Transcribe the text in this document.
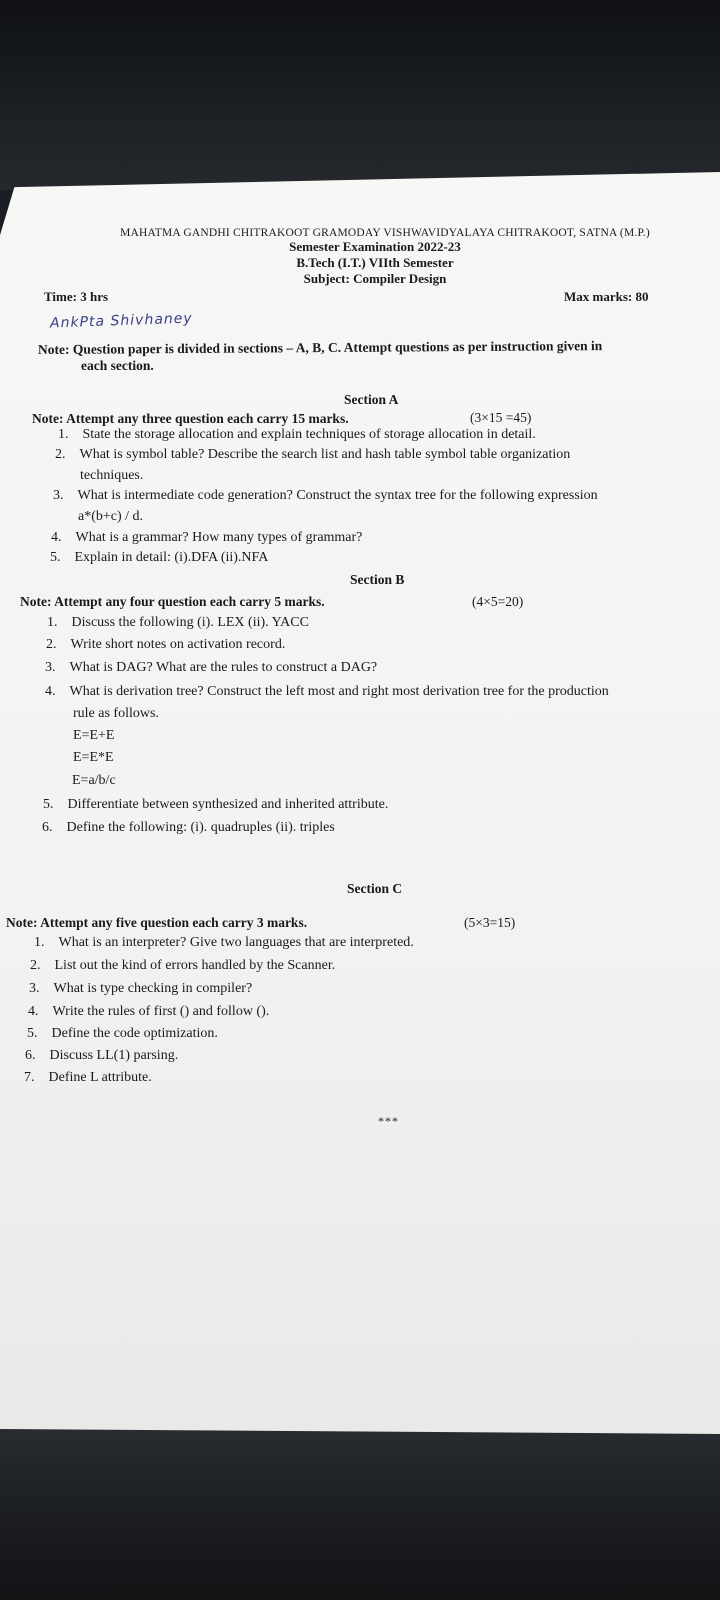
MAHATMA GANDHI CHITRAKOOT GRAMODAY VISHWAVIDYALAYA CHITRAKOOT, SATNA (M.P.)
Semester Examination 2022-23
B.Tech (I.T.) VIIth Semester
Subject: Compiler Design
Time: 3 hrs	Max marks: 80
AnkPta Shivhaney
Note: Question paper is divided in sections – A, B, C. Attempt questions as per instruction given in
each section.
Section A
Note: Attempt any three question each carry 15 marks.	(3×15 =45)
1. State the storage allocation and explain techniques of storage allocation in detail.
2. What is symbol table? Describe the search list and hash table symbol table organization
techniques.
3. What is intermediate code generation? Construct the syntax tree for the following expression
a*(b+c) / d.
4. What is a grammar? How many types of grammar?
5. Explain in detail: (i).DFA (ii).NFA
Section B
Note: Attempt any four question each carry 5 marks.	(4×5=20)
1. Discuss the following (i). LEX (ii). YACC
2. Write short notes on activation record.
3. What is DAG? What are the rules to construct a DAG?
4. What is derivation tree? Construct the left most and right most derivation tree for the production
rule as follows.
E=E+E
E=E*E
E=a/b/c
5. Differentiate between synthesized and inherited attribute.
6. Define the following: (i). quadruples (ii). triples
Section C
Note: Attempt any five question each carry 3 marks.	(5×3=15)
1. What is an interpreter? Give two languages that are interpreted.
2. List out the kind of errors handled by the Scanner.
3. What is type checking in compiler?
4. Write the rules of first () and follow ().
5. Define the code optimization.
6. Discuss LL(1) parsing.
7. Define L attribute.
***
